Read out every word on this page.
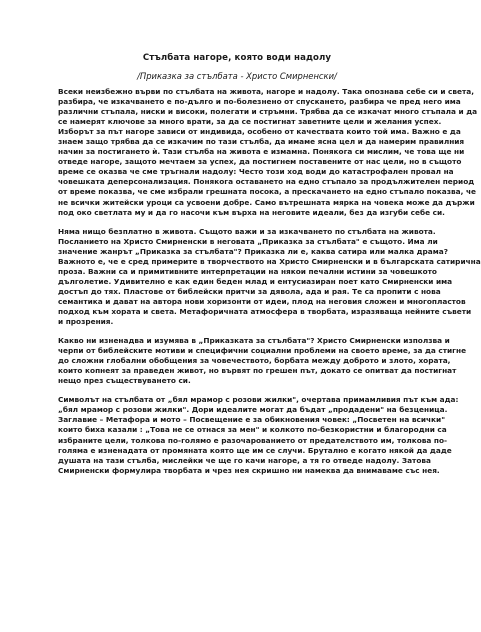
Стълбата нагоре, която води надолу
/Приказка за стълбата - Христо Смирненски/
Всеки неизбежно върви по стълбата на живота, нагоре и надолу. Така опознава себе си и света,
разбира, че изкачването е по-дълго и по-болезнено от спускането, разбира че пред него има
различни стъпала, ниски и високи, полегати и стръмни. Трябва да се изкачат много стъпала и да
се намерят ключове за много врати, за да се постигнат заветните цели и желания успех.
Изборът за път нагоре зависи от индивида, особено от качествата които той има. Важно е да
знаем защо трябва да се изкачим по тази стълба, да имаме ясна цел и да намерим правилния
начин за постигането ѝ. Тази стълба на живота е измамна. Понякога си мислим, че това ще ни
отведе нагоре, защото мечтаем за успех, да постигнем поставените от нас цели, но в същото
време се оказва че сме тръгнали надолу: Често този ход води до катастрофален провал на
човешката деперсонализация. Понякога оставането на едно стъпало за продължителен период
от време показва, че сме избрали грешната посока, а прескачането на едно стъпало показва, че
не всички житейски уроци са усвоени добре. Само вътрешната мярка на човека може да държи
под око светлата му и да го насочи към върха на неговите идеали, без да изгуби себе си.
Няма нищо безплатно в живота. Същото важи и за изкачването по стълбата на живота.
Посланието на Христо Смирненски в неговата „Приказка за стълбата" е същото. Има ли
значение жанрът „Приказка за стълбата"? Приказка ли е, каква сатира или малка драма?
Важното е, че е сред примерите в творчеството на Христо Смирненски и в българската сатирична
проза. Важни са и примитивните интерпретации на някои печални истини за човешкото
дълголетие. Удивително е как един беден млад и ентусиазиран поет като Смирненски има
достъп до тях. Пластове от библейски притчи за дявола, ада и рая. Те са пропити с нова
семантика и дават на автора нови хоризонти от идеи, плод на неговия сложен и многопластов
подход към хората и света. Метафоричната атмосфера в творбата, изразяваща нейните съвети
и прозрения.
Какво ни изненадва и изумява в „Приказката за стълбата"? Христо Смирненски използва и
черпи от библейските мотиви и специфични социални проблеми на своето време, за да стигне
до сложни глобални обобщения за човечеството, борбата между доброто и злото, хората,
които копнеят за праведен живот, но вървят по грешен път, докато се опитват да постигнат
нещо през съществуването си.
Символът на стълбата от „бял мрамор с розови жилки", очертава примамливия път към ада:
„бял мрамор с розови жилки". Дори идеалите могат да бъдат „продадени" на безценица.
Заглавие – Метафора и мото – Посвещение е за обикновения човек: „Посветен на всички"
които биха казали : „Това не се отнася за мен" и колкото по-безкористни и благородни са
избраните цели, толкова по-голямо е разочарованието от предателството им, толкова по-
голяма е изненадата от промяната която ще им се случи. Брутално е когато някой да даде
душата на тази стълба, мислейки че ще го качи нагоре, а тя го отведе надолу. Затова
Смирненски формулира творбата и чрез нея скришно ни намеква да внимаваме със нея.
